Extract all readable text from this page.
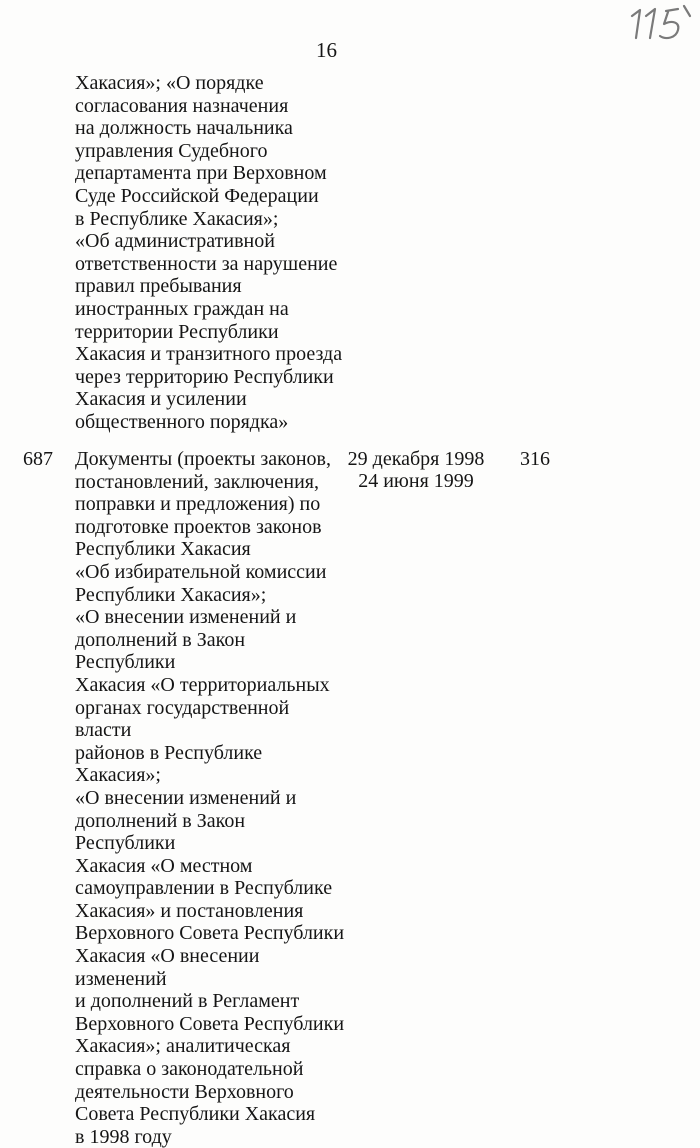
16
Хакасия»; «О порядке
согласования назначения
на должность начальника
управления Судебного
департамента при Верховном
Суде Российской Федерации
в Республике Хакасия»;
«Об административной
ответственности за нарушение
правил пребывания
иностранных граждан на
территории Республики
Хакасия и транзитного проезда
через территорию Республики
Хакасия и усилении
общественного порядка»
687 Документы (проекты законов,
постановлений, заключения,
поправки и предложения) по
подготовке проектов законов
Республики Хакасия
«Об избирательной комиссии
Республики Хакасия»;
«О внесении изменений и
дополнений в Закон Республики
Хакасия «О территориальных
органах государственной власти
районов в Республике Хакасия»;
«О внесении изменений и
дополнений в Закон Республики
Хакасия «О местном
самоуправлении в Республике
Хакасия» и постановления
Верховного Совета Республики
Хакасия «О внесении изменений
и дополнений в Регламент
Верховного Совета Республики
Хакасия»; аналитическая
справка о законодательной
деятельности Верховного
Совета Республики Хакасия
в 1998 году
29 декабря 1998
24 июня 1999
316
